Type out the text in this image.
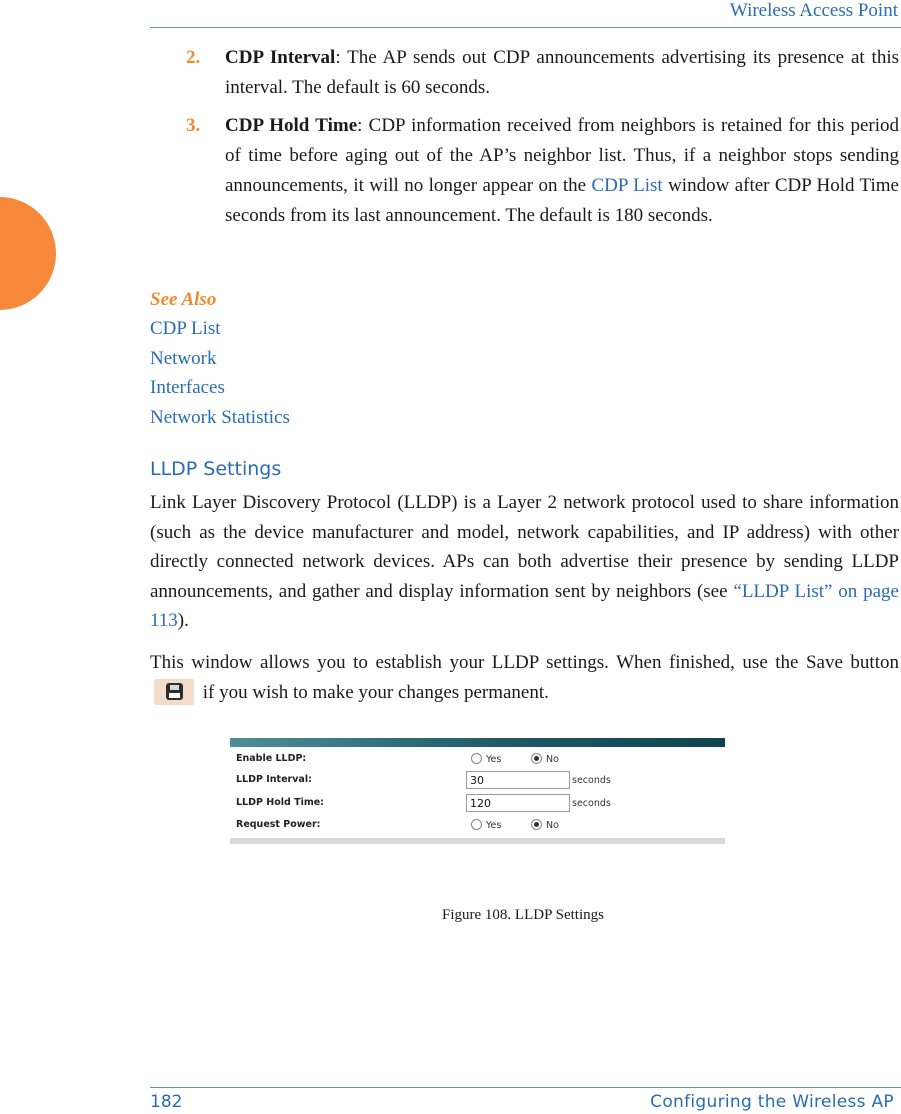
Wireless Access Point
2. CDP Interval: The AP sends out CDP announcements advertising its presence at this interval. The default is 60 seconds.
3. CDP Hold Time: CDP information received from neighbors is retained for this period of time before aging out of the AP’s neighbor list. Thus, if a neighbor stops sending announcements, it will no longer appear on the CDP List window after CDP Hold Time seconds from its last announcement. The default is 180 seconds.
See Also
CDP List
Network
Interfaces
Network Statistics
LLDP Settings
Link Layer Discovery Protocol (LLDP) is a Layer 2 network protocol used to share information (such as the device manufacturer and model, network capabilities, and IP address) with other directly connected network devices. APs can both advertise their presence by sending LLDP announcements, and gather and display information sent by neighbors (see “LLDP List” on page 113).
This window allows you to establish your LLDP settings. When finished, use the Save button
if you wish to make your changes permanent.
Enable LLDP:	Yes	No
LLDP Interval:	30	seconds
LLDP Hold Time:	120	seconds
Request Power:	Yes	No
Figure 108. LLDP Settings
182	Configuring the Wireless AP
